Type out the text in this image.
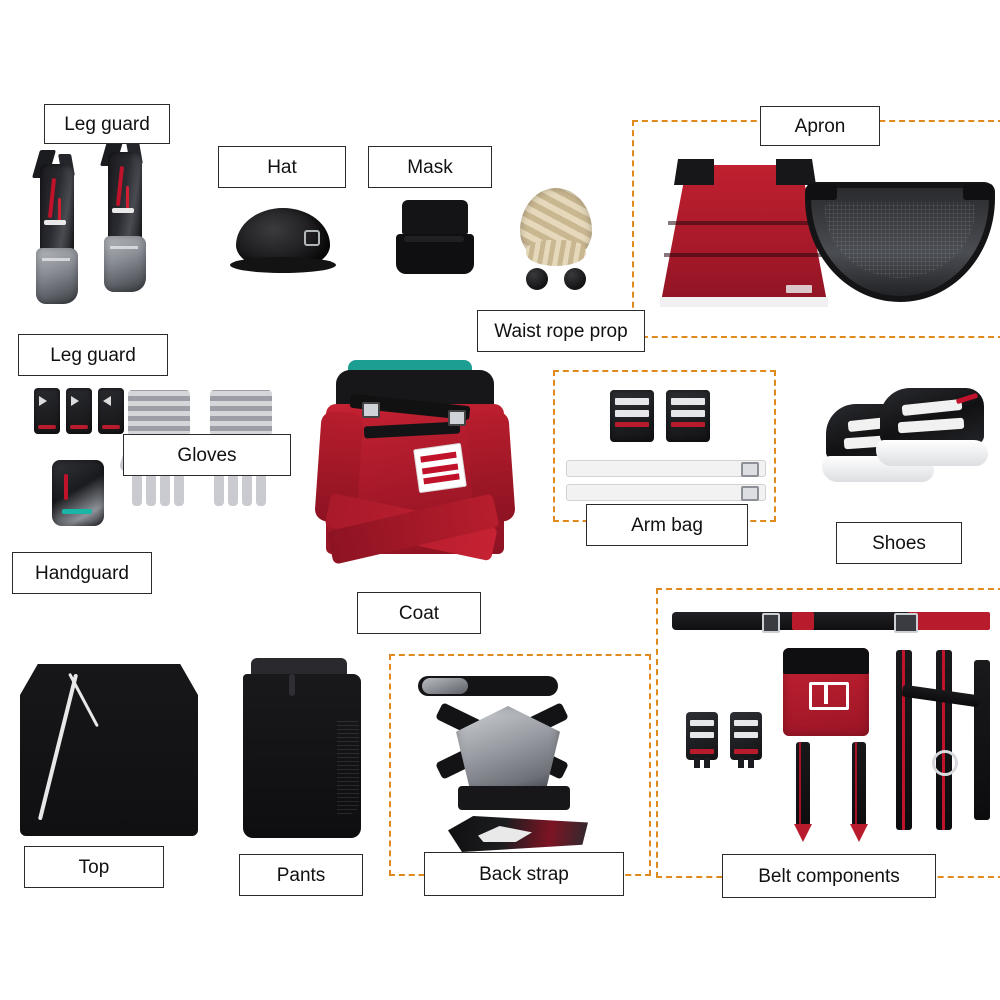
Leg guard
Hat	Mask
Apron
Waist rope prop
Leg guard
Gloves
Handguard
Coat
Arm bag
Shoes
Top	Pants	Back strap	Belt components
